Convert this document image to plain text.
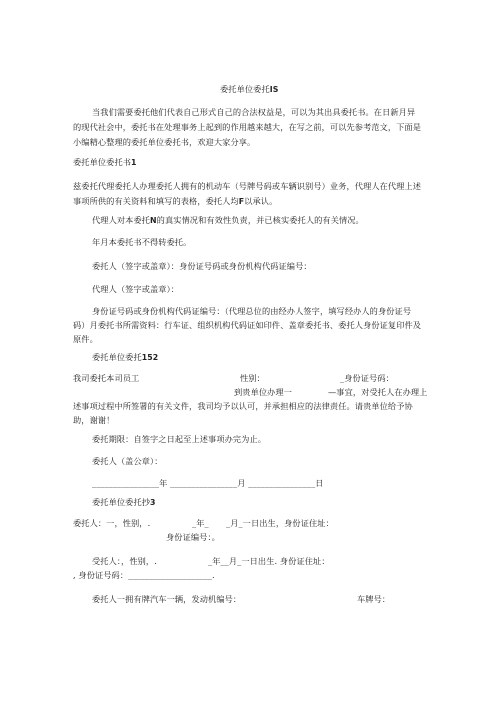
委托单位委托IS
当我们需要委托他们代表自己形式自己的合法权益是，可以为其出具委托书。在日新月异
的现代社会中，委托书在处理事务上起到的作用越来越大，在写之前，可以先参考范文，下面是
小编精心整理的委托单位委托书，欢迎大家分享。
委托单位委托书1
兹委托代理委托人办理委托人拥有的机动车（号牌号码或车辆识别号）业务，代理人在代理上述
事项所供的有关资料和填写的表格，委托人均F以承认。
代理人对本委托N的真实情况和有效性负责，并已核实委托人的有关情况。
年月本委托书不得转委托。
委托人（签字或盖章）：身份证号码或身份机构代码证编号：
代理人（签字或盖章）：
身份证号码或身份机构代码证编号：（代理总位的由经办人签字，填写经办人的身份证号
码）月委托书所需资料：行车证、组织机构代码证如印件、盖章委托书、委托人身份证复印件及
原件。
委托单位委托152
我司委托本司员工	性别：	_身份证号码：
到贵单位办理一	—事宜，对受托人在办理上
述事项过程中所签署的有关文件，我司均予以认可，并承担相应的法律责任。请贵单位给予协
助，谢谢！
委托期限：自签字之日起至上述事项办完为止。
委托人（盖公章）：
________________年 ________________月 ________________日
委托单位委托抄3
委托人：一，性别，.	_年_ _月_一日出生，身份证住址：
身份证编号：。
受托人：，性别，.	_年__月_一日出生. 身份证住址：
, 身份证号码：____________________.
委托人一拥有牌汽车一辆，发动机编号：	车牌号：
